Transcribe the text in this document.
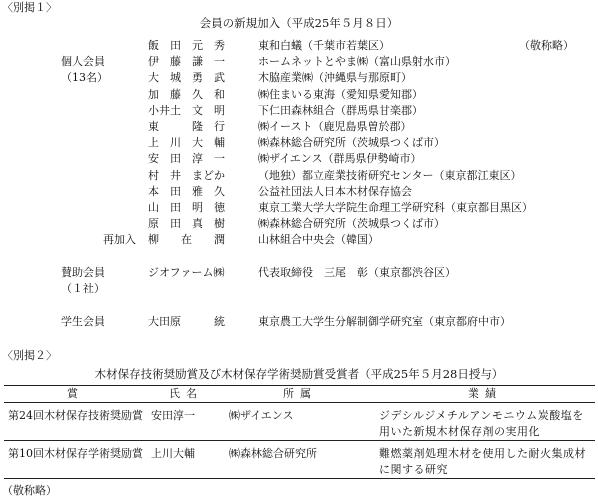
〈別掲１〉
会員の新規加入（平成25年５月８日）
（敬称略）
個人会員
（13名）
飯　田　元　秀	東和白蟻（千葉市若葉区）
伊　藤　謙　一	ホームネットとやま㈱（富山県射水市）
大　城　勇　武	木脇産業㈱（沖縄県与那原町）
加　藤　久　和	㈱住まいる東海（愛知県愛知郡）
小井土　文　明	下仁田森林組合（群馬県甘楽郡）
東　　　隆　行	㈱イースト（鹿児島県曽於郡）
上　川　大　輔	㈱森林総合研究所（茨城県つくば市）
安　田　淳　一	㈱ザイエンス（群馬県伊勢崎市）
村　井　まどか	（地独）都立産業技術研究センター（東京都江東区）
本　田　雅　久	公益社団法人日本木材保存協会
山　田　明　徳	東京工業大学大学院生命理工学研究科（東京都目黒区）
原　田　真　樹	㈱森林総合研究所（茨城県つくば市）
再加入 柳　　在　　潤	山林組合中央会（韓国）
賛助会員
（１社）
ジオファーム㈱	代表取締役　三尾　彰（東京都渋谷区）
学生会員	大田原　　　統	東京農工大学生分解制御学研究室（東京都府中市）
〈別掲２〉
木材保存技術奨励賞及び木材保存学術奨励賞受賞者（平成25年５月28日授与）
賞	氏名	所属	業績
第24回木材保存技術奨励賞	安田淳一	㈱ザイエンス	ジデシルジメチルアンモニウム炭酸塩を用いた新規木材保存剤の実用化
第10回木材保存学術奨励賞	上川大輔	㈱森林総合研究所	難燃薬剤処理木材を使用した耐火集成材に関する研究
（敬称略）
